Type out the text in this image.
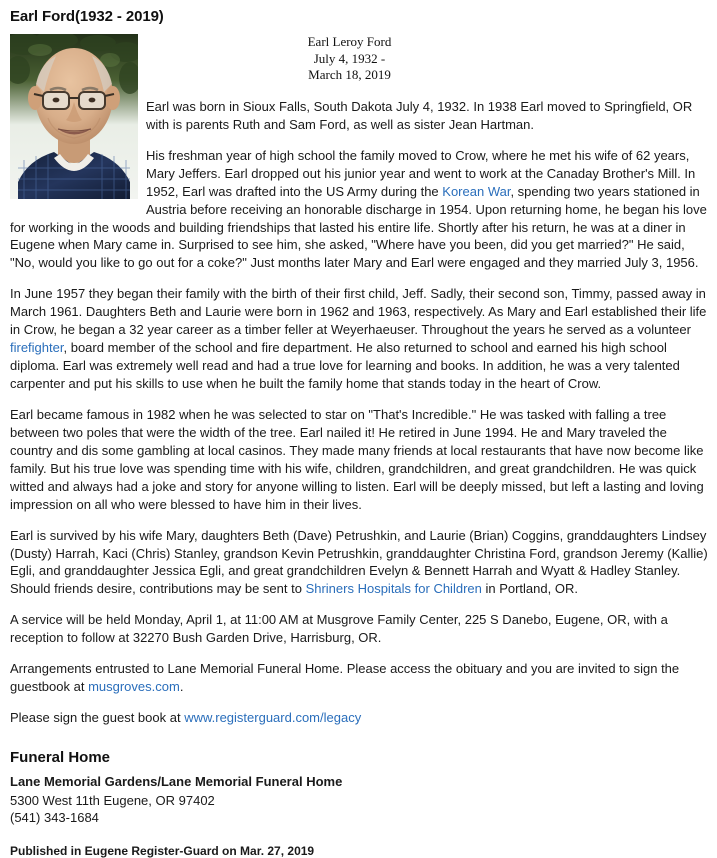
Earl Ford(1932 - 2019)
Earl Leroy Ford
July 4, 1932 -
March 18, 2019

Earl was born in Sioux Falls, South Dakota July 4, 1932. In 1938 Earl moved to Springfield, OR with is parents Ruth and Sam Ford, as well as sister Jean Hartman.

His freshman year of high school the family moved to Crow, where he met his wife of 62 years, Mary Jeffers. Earl dropped out his junior year and went to work at the Canaday Brother's Mill. In 1952, Earl was drafted into the US Army during the Korean War, spending two years stationed in Austria before receiving an honorable discharge in 1954. Upon returning home, he began his love for working in the woods and building friendships that lasted his entire life. Shortly after his return, he was at a diner in Eugene when Mary came in. Surprised to see him, she asked, "Where have you been, did you get married?" He said, "No, would you like to go out for a coke?" Just months later Mary and Earl were engaged and they married July 3, 1956.

In June 1957 they began their family with the birth of their first child, Jeff. Sadly, their second son, Timmy, passed away in March 1961. Daughters Beth and Laurie were born in 1962 and 1963, respectively. As Mary and Earl established their life in Crow, he began a 32 year career as a timber feller at Weyerhaeuser. Throughout the years he served as a volunteer firefighter, board member of the school and fire department. He also returned to school and earned his high school diploma. Earl was extremely well read and had a true love for learning and books. In addition, he was a very talented carpenter and put his skills to use when he built the family home that stands today in the heart of Crow.

Earl became famous in 1982 when he was selected to star on "That's Incredible." He was tasked with falling a tree between two poles that were the width of the tree. Earl nailed it! He retired in June 1994. He and Mary traveled the country and dis some gambling at local casinos. They made many friends at local restaurants that have now become like family. But his true love was spending time with his wife, children, grandchildren, and great grandchildren. He was quick witted and always had a joke and story for anyone willing to listen. Earl will be deeply missed, but left a lasting and loving impression on all who were blessed to have him in their lives.

Earl is survived by his wife Mary, daughters Beth (Dave) Petrushkin, and Laurie (Brian) Coggins, granddaughters Lindsey (Dusty) Harrah, Kaci (Chris) Stanley, grandson Kevin Petrushkin, granddaughter Christina Ford, grandson Jeremy (Kallie) Egli, and granddaughter Jessica Egli, and great grandchildren Evelyn & Bennett Harrah and Wyatt & Hadley Stanley. Should friends desire, contributions may be sent to Shriners Hospitals for Children in Portland, OR.

A service will be held Monday, April 1, at 11:00 AM at Musgrove Family Center, 225 S Danebo, Eugene, OR, with a reception to follow at 32270 Bush Garden Drive, Harrisburg, OR.

Arrangements entrusted to Lane Memorial Funeral Home. Please access the obituary and you are invited to sign the guestbook at musgroves.com.

Please sign the guest book at www.registerguard.com/legacy

Funeral Home

Lane Memorial Gardens/Lane Memorial Funeral Home

5300 West 11th Eugene, OR 97402

(541) 343-1684

Published in Eugene Register-Guard on Mar. 27, 2019
